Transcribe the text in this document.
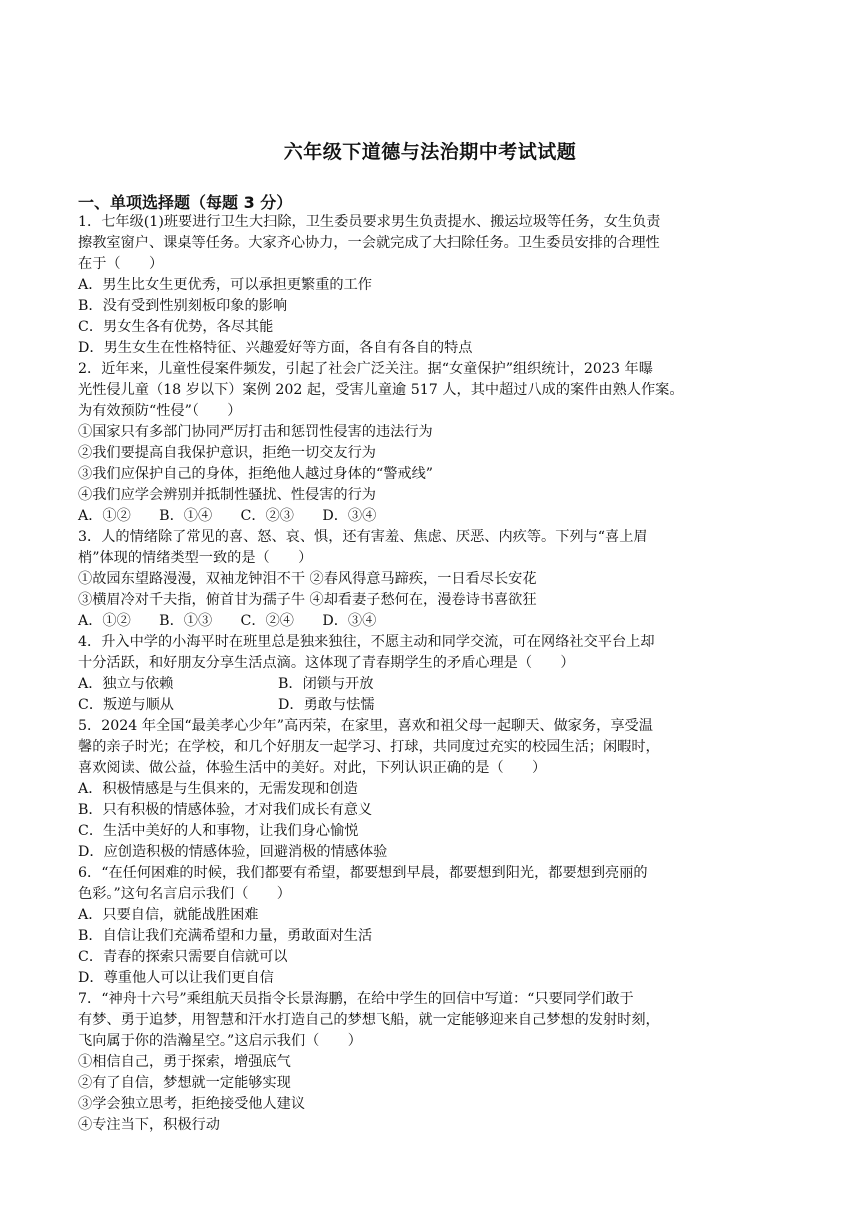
六年级下道德与法治期中考试试题
一、单项选择题（每题 3 分）
1．七年级(1)班要进行卫生大扫除，卫生委员要求男生负责提水、搬运垃圾等任务，女生负责
擦教室窗户、课桌等任务。大家齐心协力，一会就完成了大扫除任务。卫生委员安排的合理性
在于（　　）
A．男生比女生更优秀，可以承担更繁重的工作
B．没有受到性别刻板印象的影响
C．男女生各有优势，各尽其能
D．男生女生在性格特征、兴趣爱好等方面，各自有各自的特点
2．近年来，儿童性侵案件频发，引起了社会广泛关注。据“女童保护”组织统计，2023 年曝
光性侵儿童（18 岁以下）案例 202 起，受害儿童逾 517 人，其中超过八成的案件由熟人作案。
为有效预防“性侵”（　　）
①国家只有多部门协同严厉打击和惩罚性侵害的违法行为
②我们要提高自我保护意识，拒绝一切交友行为
③我们应保护自己的身体，拒绝他人越过身体的“警戒线”
④我们应学会辨别并抵制性骚扰、性侵害的行为
A．①②　　B．①④　　C．②③　　D．③④
3．人的情绪除了常见的喜、怒、哀、惧，还有害羞、焦虑、厌恶、内疚等。下列与“喜上眉
梢”体现的情绪类型一致的是（　　）
①故园东望路漫漫，双袖龙钟泪不干 ②春风得意马蹄疾，一日看尽长安花
③横眉冷对千夫指，俯首甘为孺子牛 ④却看妻子愁何在，漫卷诗书喜欲狂
A．①②　　B．①③　　C．②④　　D．③④
4．升入中学的小海平时在班里总是独来独往，不愿主动和同学交流，可在网络社交平台上却
十分活跃，和好朋友分享生活点滴。这体现了青春期学生的矛盾心理是（　　）
A．独立与依赖	B．闭锁与开放
C．叛逆与顺从	D．勇敢与怯懦
5．2024 年全国“最美孝心少年”高丙荣，在家里，喜欢和祖父母一起聊天、做家务，享受温
馨的亲子时光；在学校，和几个好朋友一起学习、打球，共同度过充实的校园生活；闲暇时，
喜欢阅读、做公益，体验生活中的美好。对此，下列认识正确的是（　　）
A．积极情感是与生俱来的，无需发现和创造
B．只有积极的情感体验，才对我们成长有意义
C．生活中美好的人和事物，让我们身心愉悦
D．应创造积极的情感体验，回避消极的情感体验
6．“在任何困难的时候，我们都要有希望，都要想到早晨，都要想到阳光，都要想到亮丽的
色彩。”这句名言启示我们（　　）
A．只要自信，就能战胜困难
B．自信让我们充满希望和力量，勇敢面对生活
C．青春的探索只需要自信就可以
D．尊重他人可以让我们更自信
7．“神舟十六号”乘组航天员指令长景海鹏，在给中学生的回信中写道：“只要同学们敢于
有梦、勇于追梦，用智慧和汗水打造自己的梦想飞船，就一定能够迎来自己梦想的发射时刻，
飞向属于你的浩瀚星空。”这启示我们（　　）
①相信自己，勇于探索，增强底气
②有了自信，梦想就一定能够实现
③学会独立思考，拒绝接受他人建议
④专注当下，积极行动
